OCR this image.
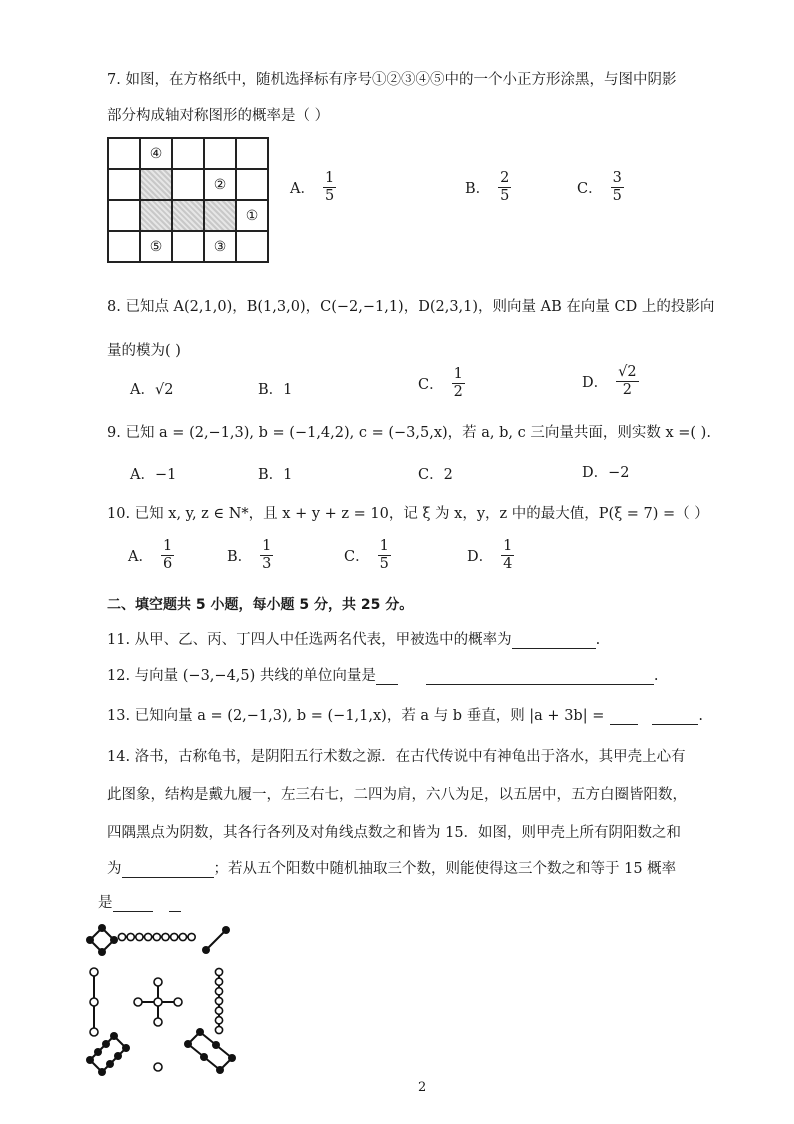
7. 如图，在方格纸中，随机选择标有序号①②③④⑤中的一个小正方形涂黑，与图中阴影
部分构成轴对称图形的概率是（ ）
	④			
			②	
				①
	⑤		③	
A． $\frac{1}{5}$	B． $\frac{2}{5}$	C． $\frac{3}{5}$
8. 已知点 A(2,1,0)，B(1,3,0)，C(−2,−1,1)，D(2,3,1)，则向量 AB 在向量 CD 上的投影向
量的模为( )
A．√2	B．1	C． $\frac{1}{2}$	D． $\frac{√2}{2}$
9. 已知 a = (2,−1,3), b = (−1,4,2), c = (−3,5,x)，若 a, b, c 三向量共面，则实数 x =( ).
A．−1	B．1	C．2	D．−2
10. 已知 x, y, z ∈ N*，且 x + y + z = 10，记 ξ 为 x，y，z 中的最大值，P(ξ = 7) =（ ）
A． $\frac{1}{6}$	B． $\frac{1}{3}$	C． $\frac{1}{5}$	D． $\frac{1}{4}$
二、填空题共 5 小题，每小题 5 分，共 25 分。
11. 从甲、乙、丙、丁四人中任选两名代表，甲被选中的概率为	.
12. 与向量 (−3,−4,5) 共线的单位向量是	.
13. 已知向量 a = (2,−1,3), b = (−1,1,x)，若 a 与 b 垂直，则 |a + 3b| =	.
14. 洛书，古称龟书，是阴阳五行术数之源．在古代传说中有神龟出于洛水，其甲壳上心有
此图象，结构是戴九履一，左三右七，二四为肩，六八为足，以五居中，五方白圈皆阳数，
四隅黑点为阴数，其各行各列及对角线点数之和皆为 15．如图，则甲壳上所有阴阳数之和
为	；若从五个阳数中随机抽取三个数，则能使得这三个数之和等于 15 概率
是
2
